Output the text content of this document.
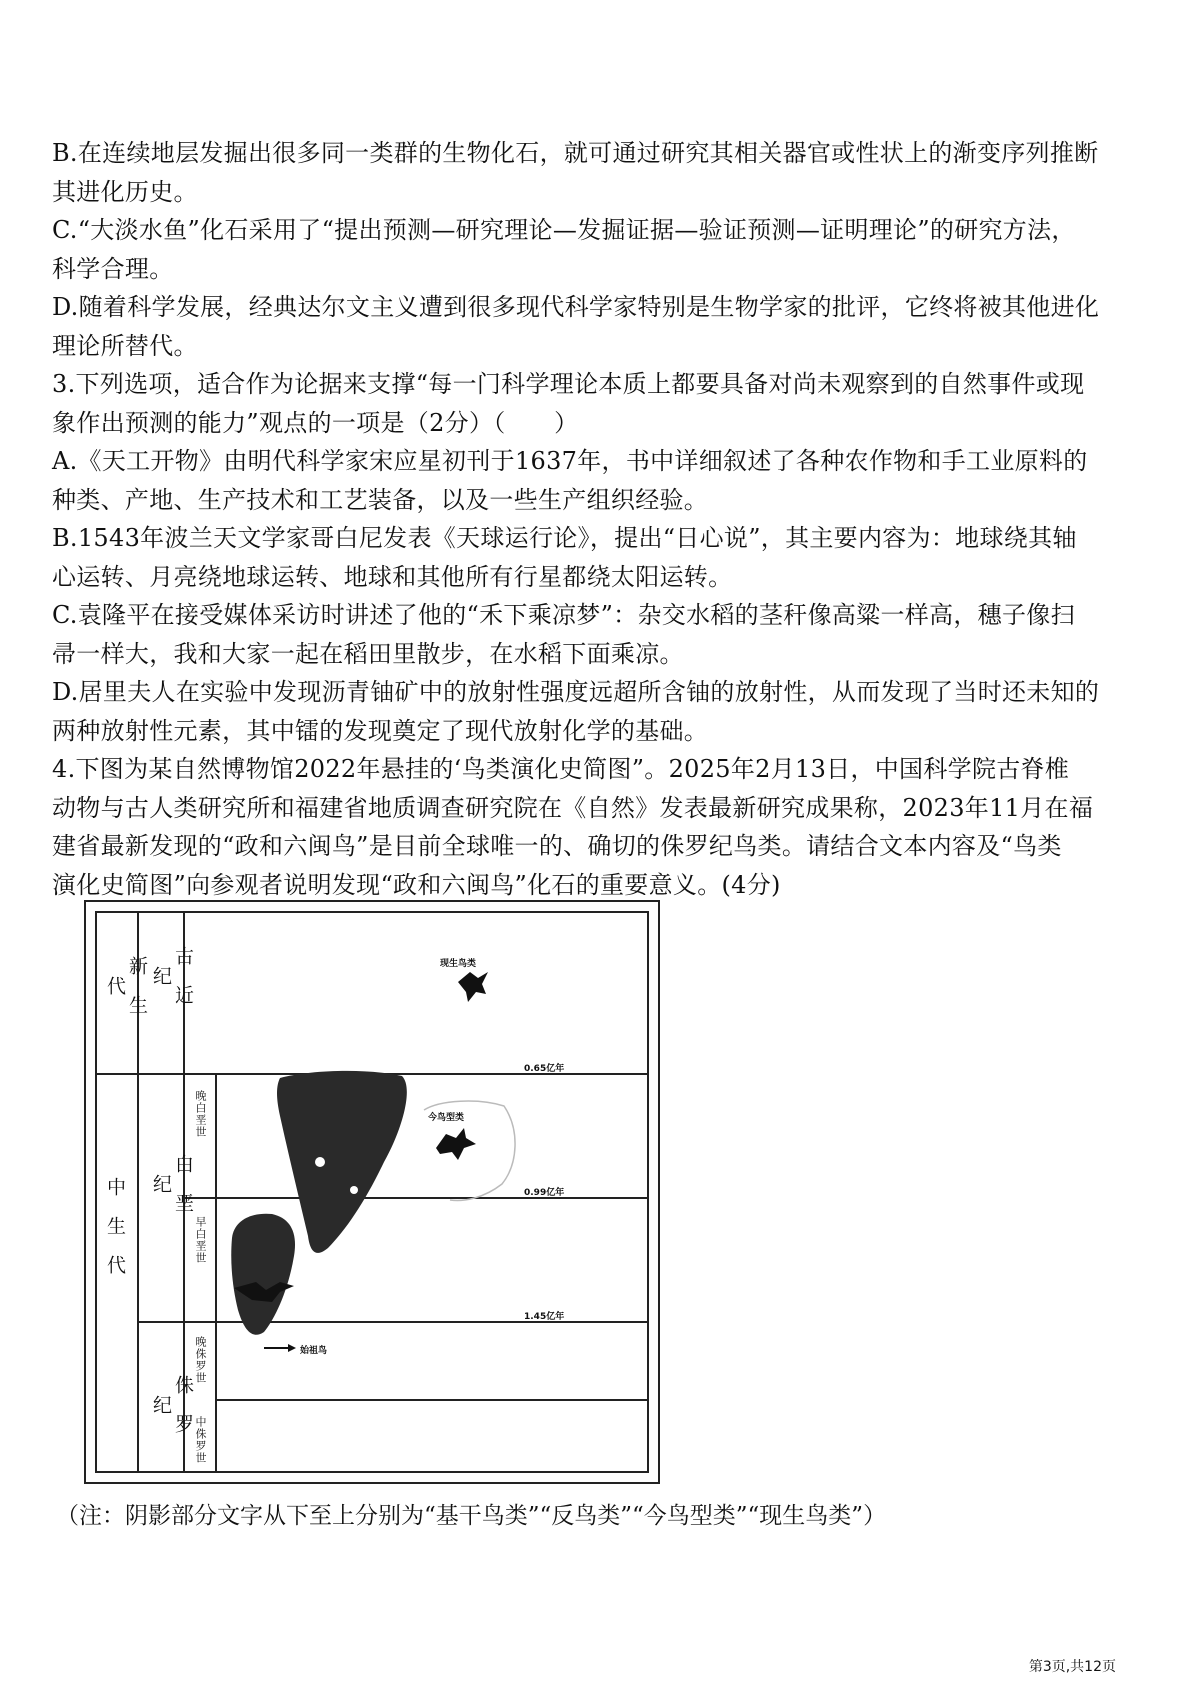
B.在连续地层发掘出很多同一类群的生物化石，就可通过研究其相关器官或性状上的渐变序列推断
其进化历史。
C.“大淡水鱼”化石采用了“提出预测—研究理论—发掘证据—验证预测—证明理论”的研究方法，
科学合理。
D.随着科学发展，经典达尔文主义遭到很多现代科学家特别是生物学家的批评，它终将被其他进化
理论所替代。
3.下列选项，适合作为论据来支撑“每一门科学理论本质上都要具备对尚未观察到的自然事件或现
象作出预测的能力”观点的一项是（2分）（　　）
A.《天工开物》由明代科学家宋应星初刊于1637年，书中详细叙述了各种农作物和手工业原料的
种类、产地、生产技术和工艺装备，以及一些生产组织经验。
B.1543年波兰天文学家哥白尼发表《天球运行论》，提出“日心说”，其主要内容为：地球绕其轴
心运转、月亮绕地球运转、地球和其他所有行星都绕太阳运转。
C.袁隆平在接受媒体采访时讲述了他的“禾下乘凉梦”：杂交水稻的茎秆像高粱一样高，穗子像扫
帚一样大，我和大家一起在稻田里散步，在水稻下面乘凉。
D.居里夫人在实验中发现沥青铀矿中的放射性强度远超所含铀的放射性，从而发现了当时还未知的
两种放射性元素，其中镭的发现奠定了现代放射化学的基础。
4.下图为某自然博物馆2022年悬挂的‘鸟类演化史简图”。2025年2月13日，中国科学院古脊椎
动物与古人类研究所和福建省地质调查研究院在《自然》发表最新研究成果称，2023年11月在福
建省最新发现的“政和六闽鸟”是目前全球唯一的、确切的侏罗纪鸟类。请结合文本内容及“鸟类
演化史简图”向参观者说明发现“政和六闽鸟”化石的重要意义。(4分)
新生代
中生代
古近纪
白垩纪
侏罗纪
晚白垩世
早白垩世
晚侏罗世
中侏罗世
0.65亿年
0.99亿年
1.45亿年
现生鸟类
今鸟型类
始祖鸟
（注：阴影部分文字从下至上分别为“基干鸟类”“反鸟类”“今鸟型类”“现生鸟类”）
第3页,共12页
